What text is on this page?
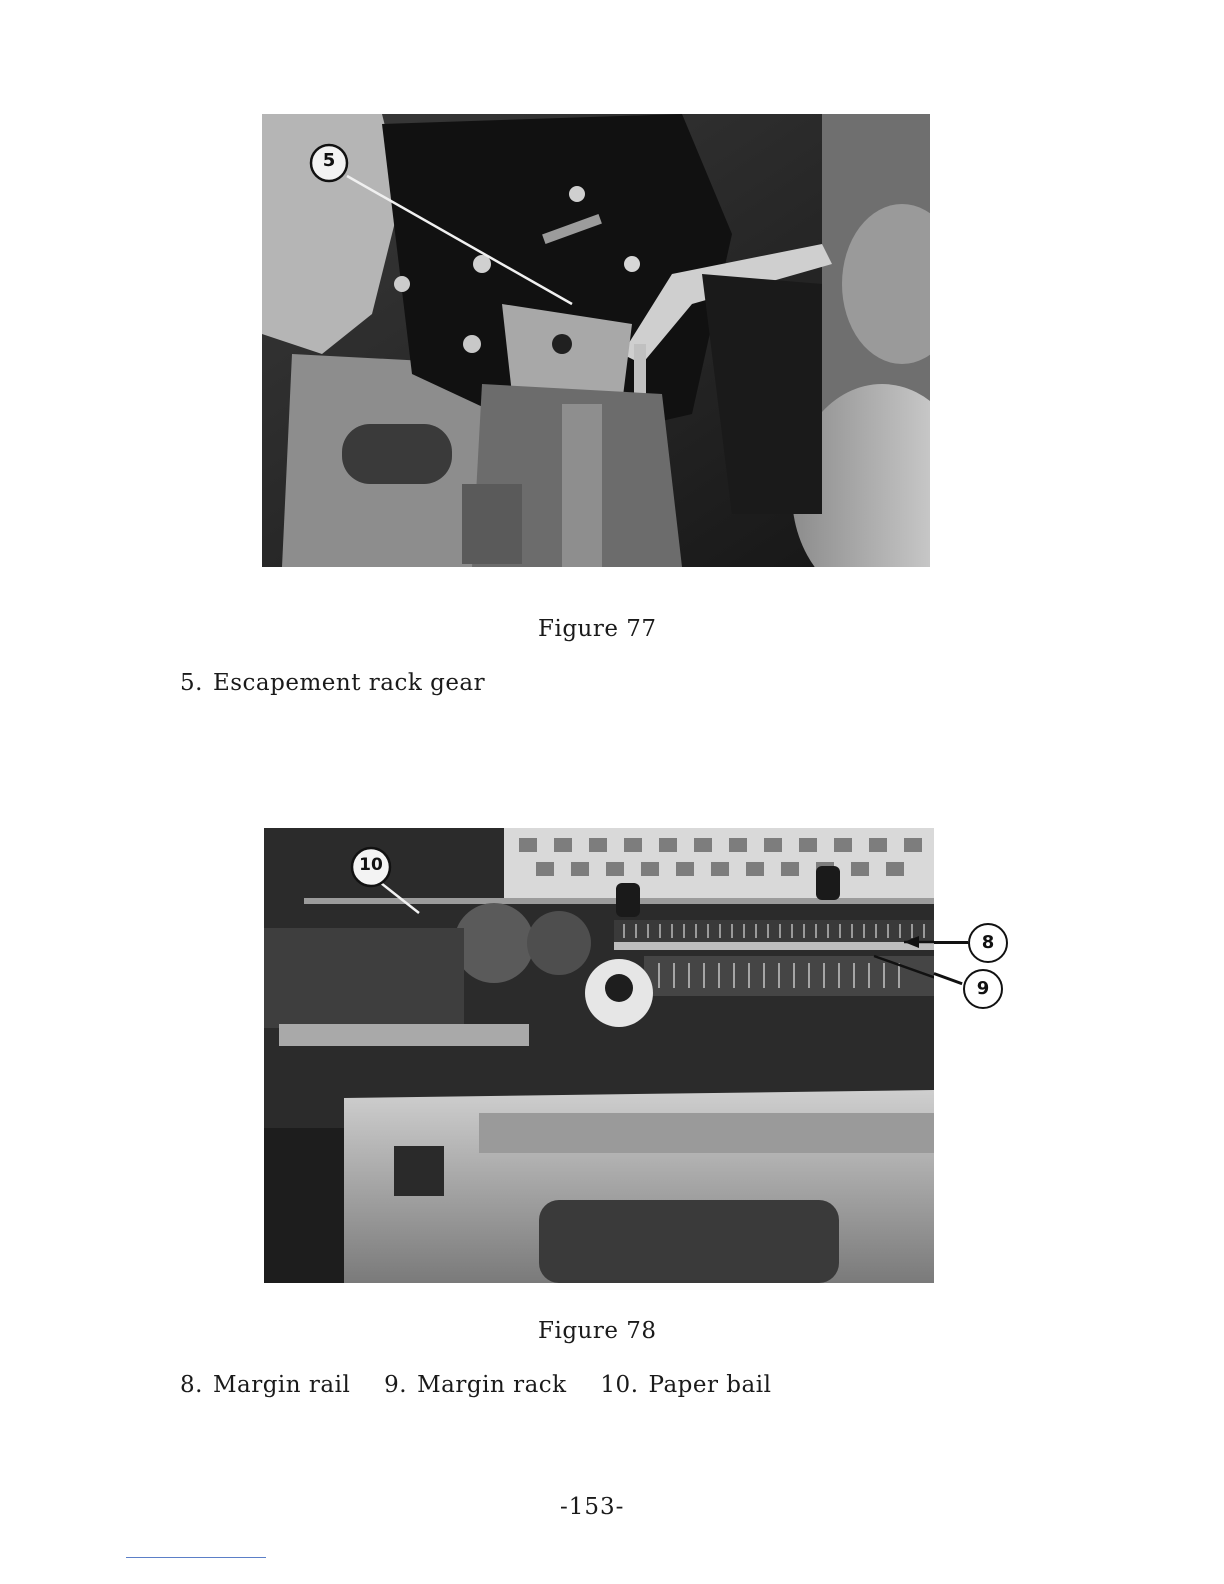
5
Figure 77
5. Escapement rack gear
10
8
9
Figure 78
8. Margin rail 9. Margin rack 10. Paper bail
-153-
